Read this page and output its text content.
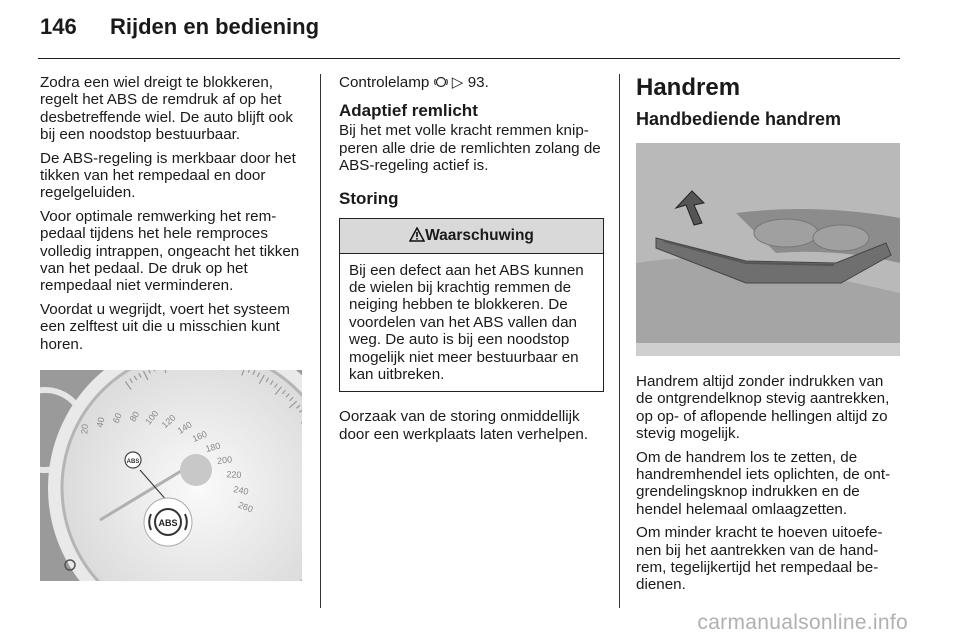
146 Rijden en bediening

Zodra een wiel dreigt te blokkeren, regelt het ABS de remdruk af op het desbetreffende wiel. De auto blijft ook bij een noodstop bestuurbaar.

De ABS-regeling is merkbaar door het tikken van het rempedaal en door regelgeluiden.

Voor optimale remwerking het rempedaal tijdens het hele remproces volledig intrappen, ongeacht het tikken van het pedaal. De druk op het rempedaal niet verminderen.

Voordat u wegrijdt, voert het systeem een zelftest uit die u misschien kunt horen.

20
40 60 80 100 120
140
160
180
200
220
240
260
ABS
ABS

Controlelamp ▷ 93.

Adaptief remlicht

Bij het met volle kracht remmen knipperen alle drie de remlichten zolang de ABS-regeling actief is.

Storing
Waarschuwing
Bij een defect aan het ABS kunnen de wielen bij krachtig remmen de neiging hebben te blokkeren. De voordelen van het ABS vallen dan weg. De auto is bij een noodstop mogelijk niet meer bestuurbaar en kan uitbreken.

Oorzaak van de storing onmiddellijk door een werkplaats laten verhelpen.

Handrem
Handbediende handrem

Handrem altijd zonder indrukken van de ontgrendelknop stevig aantrekken, op op- of aflopende hellingen altijd zo stevig mogelijk.

Om de handrem los te zetten, de handremhendel iets oplichten, de ontgrendelingsknop indrukken en de hendel helemaal omlaagzetten.

Om minder kracht te hoeven uitoefenen bij het aantrekken van de handrem, tegelijkertijd het rempedaal bedienen.

carmanualsonline.info
